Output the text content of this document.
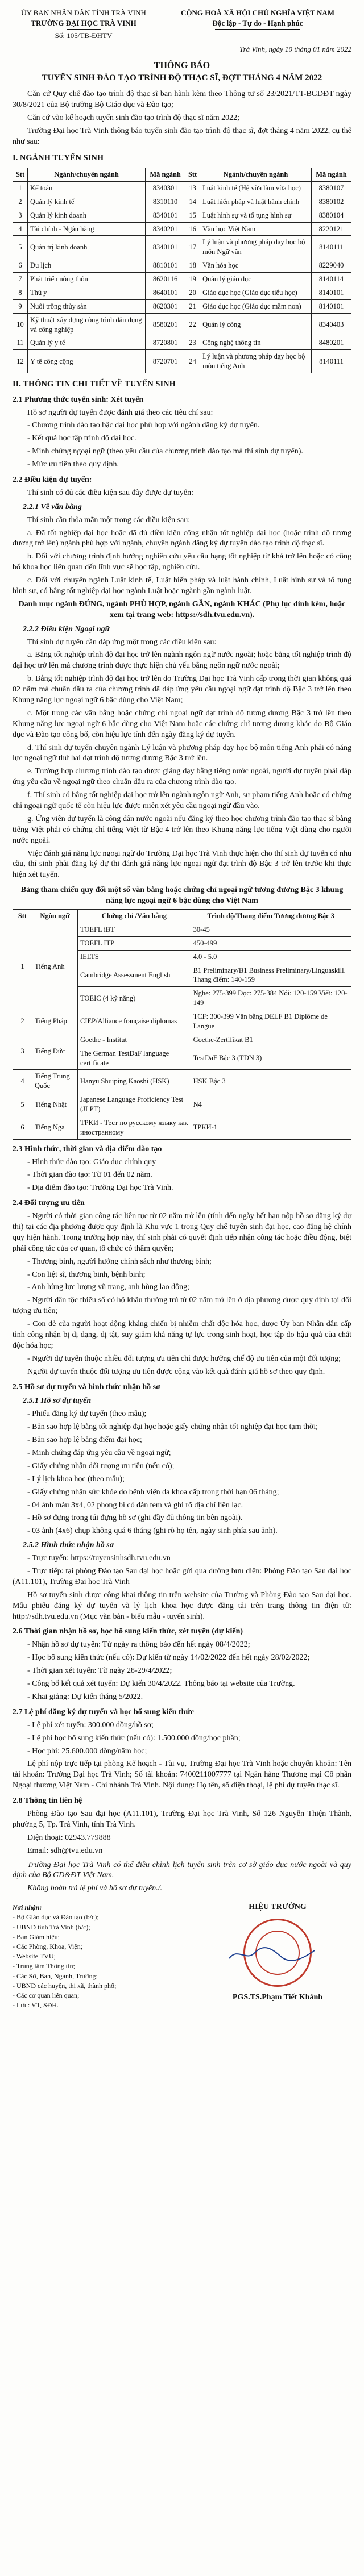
ỦY BAN NHÂN DÂN TỈNH TRÀ VINH
TRƯỜNG ĐẠI HỌC TRÀ VINH
Số: 105/TB-ĐHTV
CỘNG HOÀ XÃ HỘI CHỦ NGHĨA VIỆT NAM
Độc lập - Tự do - Hạnh phúc
Trà Vinh, ngày 10 tháng 01 năm 2022
THÔNG BÁO
TUYỂN SINH ĐÀO TẠO TRÌNH ĐỘ THẠC SĨ, ĐỢT THÁNG 4 NĂM 2022

Căn cứ Quy chế đào tạo trình độ thạc sĩ ban hành kèm theo Thông tư số 23/2021/TT-BGDĐT ngày 30/8/2021 của Bộ trưởng Bộ Giáo dục và Đào tạo;

Căn cứ vào kế hoạch tuyển sinh đào tạo trình độ thạc sĩ năm 2022;

Trường Đại học Trà Vinh thông báo tuyển sinh đào tạo trình độ thạc sĩ, đợt tháng 4 năm 2022, cụ thể như sau:

I. NGÀNH TUYỂN SINH
Stt	Ngành/chuyên ngành	Mã ngành	Stt	Ngành/chuyên ngành	Mã ngành
1	Kế toán	8340301	13	Luật kinh tế (Hệ vừa làm vừa học)	8380107
2	Quản lý kinh tế	8310110	14	Luật hiến pháp và luật hành chính	8380102
3	Quản lý kinh doanh	8340101	15	Luật hình sự và tố tụng hình sự	8380104
4	Tài chính - Ngân hàng	8340201	16	Văn học Việt Nam	8220121
5	Quản trị kinh doanh	8340101	17	Lý luận và phương pháp dạy học bộ môn Ngữ văn	8140111
6	Du lịch	8810101	18	Văn hóa học	8229040
7	Phát triển nông thôn	8620116	19	Quản lý giáo dục	8140114
8	Thú y	8640101	20	Giáo dục học (Giáo dục tiểu học)	8140101
9	Nuôi trồng thủy sản	8620301	21	Giáo dục học (Giáo dục mầm non)	8140101
10	Kỹ thuật xây dựng công trình dân dụng và công nghiệp	8580201	22	Quản lý công	8340403
11	Quản lý y tế	8720801	23	Công nghệ thông tin	8480201
12	Y tế công cộng	8720701	24	Lý luận và phương pháp dạy học bộ môn tiếng Anh	8140111
II. THÔNG TIN CHI TIẾT VỀ TUYỂN SINH
2.1 Phương thức tuyển sinh: Xét tuyển

Hồ sơ người dự tuyển được đánh giá theo các tiêu chí sau:

- Chương trình đào tạo bậc đại học phù hợp với ngành đăng ký dự tuyển.

- Kết quả học tập trình độ đại học.

- Minh chứng ngoại ngữ (theo yêu cầu của chương trình đào tạo mà thí sinh dự tuyển).

- Mức ưu tiên theo quy định.

2.2 Điều kiện dự tuyển:

Thí sinh có đủ các điều kiện sau đây được dự tuyển:

2.2.1 Về văn bằng

Thí sinh cần thỏa mãn một trong các điều kiện sau:

a. Đã tốt nghiệp đại học hoặc đã đủ điều kiện công nhận tốt nghiệp đại học (hoặc trình độ tương đương trở lên) ngành phù hợp với ngành, chuyên ngành đăng ký dự tuyển đào tạo trình độ thạc sĩ.

b. Đối với chương trình định hướng nghiên cứu yêu cầu hạng tốt nghiệp từ khá trở lên hoặc có công bố khoa học liên quan đến lĩnh vực sẽ học tập, nghiên cứu.

c. Đối với chuyên ngành Luật kinh tế, Luật hiến pháp và luật hành chính, Luật hình sự và tố tụng hình sự, có bằng tốt nghiệp đại học ngành Luật hoặc ngành gần ngành luật.

Danh mục ngành ĐÚNG, ngành PHÙ HỢP, ngành GẦN, ngành KHÁC (Phụ lục đính kèm, hoặc xem tại trang web: https://sdh.tvu.edu.vn).

2.2.2 Điều kiện Ngoại ngữ

Thí sinh dự tuyển cần đáp ứng một trong các điều kiện sau:

a. Bằng tốt nghiệp trình độ đại học trở lên ngành ngôn ngữ nước ngoài; hoặc bằng tốt nghiệp trình độ đại học trở lên mà chương trình được thực hiện chủ yếu bằng ngôn ngữ nước ngoài;

b. Bằng tốt nghiệp trình độ đại học trở lên do Trường Đại học Trà Vinh cấp trong thời gian không quá 02 năm mà chuẩn đầu ra của chương trình đã đáp ứng yêu cầu ngoại ngữ đạt trình độ Bậc 3 trở lên theo Khung năng lực ngoại ngữ 6 bậc dùng cho Việt Nam;

c. Một trong các văn bằng hoặc chứng chỉ ngoại ngữ đạt trình độ tương đương Bậc 3 trở lên theo Khung năng lực ngoại ngữ 6 bậc dùng cho Việt Nam hoặc các chứng chỉ tương đương khác do Bộ Giáo dục và Đào tạo công bố, còn hiệu lực tính đến ngày đăng ký dự tuyển.

d. Thí sinh dự tuyển chuyên ngành Lý luận và phương pháp dạy học bộ môn tiếng Anh phải có năng lực ngoại ngữ thứ hai đạt trình độ tương đương Bậc 3 trở lên.

e. Trường hợp chương trình đào tạo được giảng dạy bằng tiếng nước ngoài, người dự tuyển phải đáp ứng yêu cầu về ngoại ngữ theo chuẩn đầu ra của chương trình đào tạo.

f. Thí sinh có bằng tốt nghiệp đại học trở lên ngành ngôn ngữ Anh, sư phạm tiếng Anh hoặc có chứng chỉ ngoại ngữ quốc tế còn hiệu lực được miễn xét yêu cầu ngoại ngữ đầu vào.

g. Ứng viên dự tuyển là công dân nước ngoài nếu đăng ký theo học chương trình đào tạo thạc sĩ bằng tiếng Việt phải có chứng chỉ tiếng Việt từ Bậc 4 trở lên theo Khung năng lực tiếng Việt dùng cho người nước ngoài.

Việc đánh giá năng lực ngoại ngữ do Trường Đại học Trà Vinh thực hiện cho thí sinh dự tuyển có nhu cầu, thí sinh phải đăng ký dự thi đánh giá năng lực ngoại ngữ đạt trình độ Bậc 3 trở lên trước khi thực hiện xét tuyển.

Bảng tham chiếu quy đổi một số văn bằng hoặc chứng chỉ ngoại ngữ tương đương Bậc 3 khung năng lực ngoại ngữ 6 bậc dùng cho Việt Nam

Stt	Ngôn ngữ	Chứng chỉ /Văn bằng	Trình độ/Thang điểm Tương đương Bậc 3
1	Tiếng Anh	TOEFL iBT	30-45
		TOEFL ITP	450-499
		IELTS	4.0 - 5.0
		Cambridge Assessment English	B1 Preliminary/B1 Business Preliminary/Linguaskill. Thang điểm: 140-159
		TOEIC (4 kỹ năng)	Nghe: 275-399 Đọc: 275-384 Nói: 120-159 Viết: 120-149
2	Tiếng Pháp	CIEP/Alliance française diplomas	TCF: 300-399 Văn bằng DELF B1 Diplôme de Langue
3	Tiếng Đức	Goethe - Institut	Goethe-Zertifikat B1
		The German TestDaF language certificate	TestDaF Bậc 3 (TDN 3)
4	Tiếng Trung Quốc	Hanyu Shuiping Kaoshi (HSK)	HSK Bậc 3
5	Tiếng Nhật	Japanese Language Proficiency Test (JLPT)	N4
6	Tiếng Nga	ТРКИ - Тест по русскому языку как иностранному	ТРКИ-1
2.3 Hình thức, thời gian và địa điểm đào tạo

- Hình thức đào tạo: Giáo dục chính quy

- Thời gian đào tạo: Từ 01 đến 02 năm.

- Địa điểm đào tạo: Trường Đại học Trà Vinh.

2.4 Đối tượng ưu tiên

- Người có thời gian công tác liên tục từ 02 năm trở lên (tính đến ngày hết hạn nộp hồ sơ đăng ký dự thi) tại các địa phương được quy định là Khu vực 1 trong Quy chế tuyển sinh đại học, cao đẳng hệ chính quy hiện hành. Trong trường hợp này, thí sinh phải có quyết định tiếp nhận công tác hoặc điều động, biệt phái công tác của cơ quan, tổ chức có thẩm quyền;

- Thương binh, người hưởng chính sách như thương binh;

- Con liệt sĩ, thương binh, bệnh binh;

- Anh hùng lực lượng vũ trang, anh hùng lao động;

- Người dân tộc thiểu số có hộ khẩu thường trú từ 02 năm trở lên ở địa phương được quy định tại đối tượng ưu tiên;

- Con đẻ của người hoạt động kháng chiến bị nhiễm chất độc hóa học, được Ủy ban Nhân dân cấp tỉnh công nhận bị dị dạng, dị tật, suy giảm khả năng tự lực trong sinh hoạt, học tập do hậu quả của chất độc hóa học;

- Người dự tuyển thuộc nhiều đối tượng ưu tiên chỉ được hưởng chế độ ưu tiên của một đối tượng;

Người dự tuyển thuộc đối tượng ưu tiên được cộng vào kết quả đánh giá hồ sơ theo quy định.

2.5 Hồ sơ dự tuyển và hình thức nhận hồ sơ
2.5.1 Hồ sơ dự tuyển

- Phiếu đăng ký dự tuyển (theo mẫu);

- Bản sao hợp lệ bằng tốt nghiệp đại học hoặc giấy chứng nhận tốt nghiệp đại học tạm thời;

- Bản sao hợp lệ bảng điểm đại học;

- Minh chứng đáp ứng yêu cầu về ngoại ngữ;

- Giấy chứng nhận đối tượng ưu tiên (nếu có);

- Lý lịch khoa học (theo mẫu);

- Giấy chứng nhận sức khỏe do bệnh viện đa khoa cấp trong thời hạn 06 tháng;

- 04 ảnh màu 3x4, 02 phong bì có dán tem và ghi rõ địa chỉ liên lạc.

- Hồ sơ đựng trong túi đựng hồ sơ (ghi đầy đủ thông tin bên ngoài).

- 03 ảnh (4x6) chụp không quá 6 tháng (ghi rõ họ tên, ngày sinh phía sau ảnh).

2.5.2 Hình thức nhận hồ sơ

- Trực tuyến: https://tuyensinhsdh.tvu.edu.vn

- Trực tiếp: tại phòng Đào tạo Sau đại học hoặc gửi qua đường bưu điện: Phòng Đào tạo Sau đại học (A11.101), Trường Đại học Trà Vinh

Hồ sơ tuyển sinh được công khai thông tin trên website của Trường và Phòng Đào tạo Sau đại học. Mẫu phiếu đăng ký dự tuyển và lý lịch khoa học được đăng tải trên trang thông tin điện tử: http://sdh.tvu.edu.vn (Mục văn bản - biểu mẫu - tuyển sinh).

2.6 Thời gian nhận hồ sơ, học bổ sung kiến thức, xét tuyển (dự kiến)

- Nhận hồ sơ dự tuyển: Từ ngày ra thông báo đến hết ngày 08/4/2022;

- Học bổ sung kiến thức (nếu có): Dự kiến từ ngày 14/02/2022 đến hết ngày 28/02/2022;

- Thời gian xét tuyển: Từ ngày 28-29/4/2022;

- Công bố kết quả xét tuyển: Dự kiến 30/4/2022. Thông báo tại website của Trường.

- Khai giảng: Dự kiến tháng 5/2022.

2.7 Lệ phí đăng ký dự tuyển và học bổ sung kiến thức

- Lệ phí xét tuyển: 300.000 đồng/hồ sơ;

- Lệ phí học bổ sung kiến thức (nếu có): 1.500.000 đồng/học phần;

- Học phí: 25.600.000 đồng/năm học;

Lệ phí nộp trực tiếp tại phòng Kế hoạch - Tài vụ, Trường Đại học Trà Vinh hoặc chuyển khoản: Tên tài khoản: Trường Đại học Trà Vinh; Số tài khoản: 7400211007777 tại Ngân hàng Thương mại Cổ phần Ngoại thương Việt Nam - Chi nhánh Trà Vinh. Nội dung: Họ tên, số điện thoại, lệ phí dự tuyển thạc sĩ.

2.8 Thông tin liên hệ

Phòng Đào tạo Sau đại học (A11.101), Trường Đại học Trà Vinh, Số 126 Nguyễn Thiện Thành, phường 5, Tp. Trà Vinh, tỉnh Trà Vinh.

Điện thoại: 02943.779888

Email: sdh@tvu.edu.vn

Trường Đại học Trà Vinh có thể điều chỉnh lịch tuyển sinh trên cơ sở giáo dục nước ngoài và quy định của Bộ GD&ĐT Việt Nam.

Không hoàn trả lệ phí và hồ sơ dự tuyển./.

Nơi nhận:
- Bộ Giáo dục và Đào tạo (b/c);
- UBND tỉnh Trà Vinh (b/c);
- Ban Giám hiệu;
- Các Phòng, Khoa, Viện;
- Website TVU;
- Trung tâm Thông tin;
- Các Sở, Ban, Ngành, Trường;
- UBND các huyện, thị xã, thành phố;
- Các cơ quan liên quan;
- Lưu: VT, SĐH.
HIỆU TRƯỞNG
PGS.TS.Phạm Tiết Khánh
